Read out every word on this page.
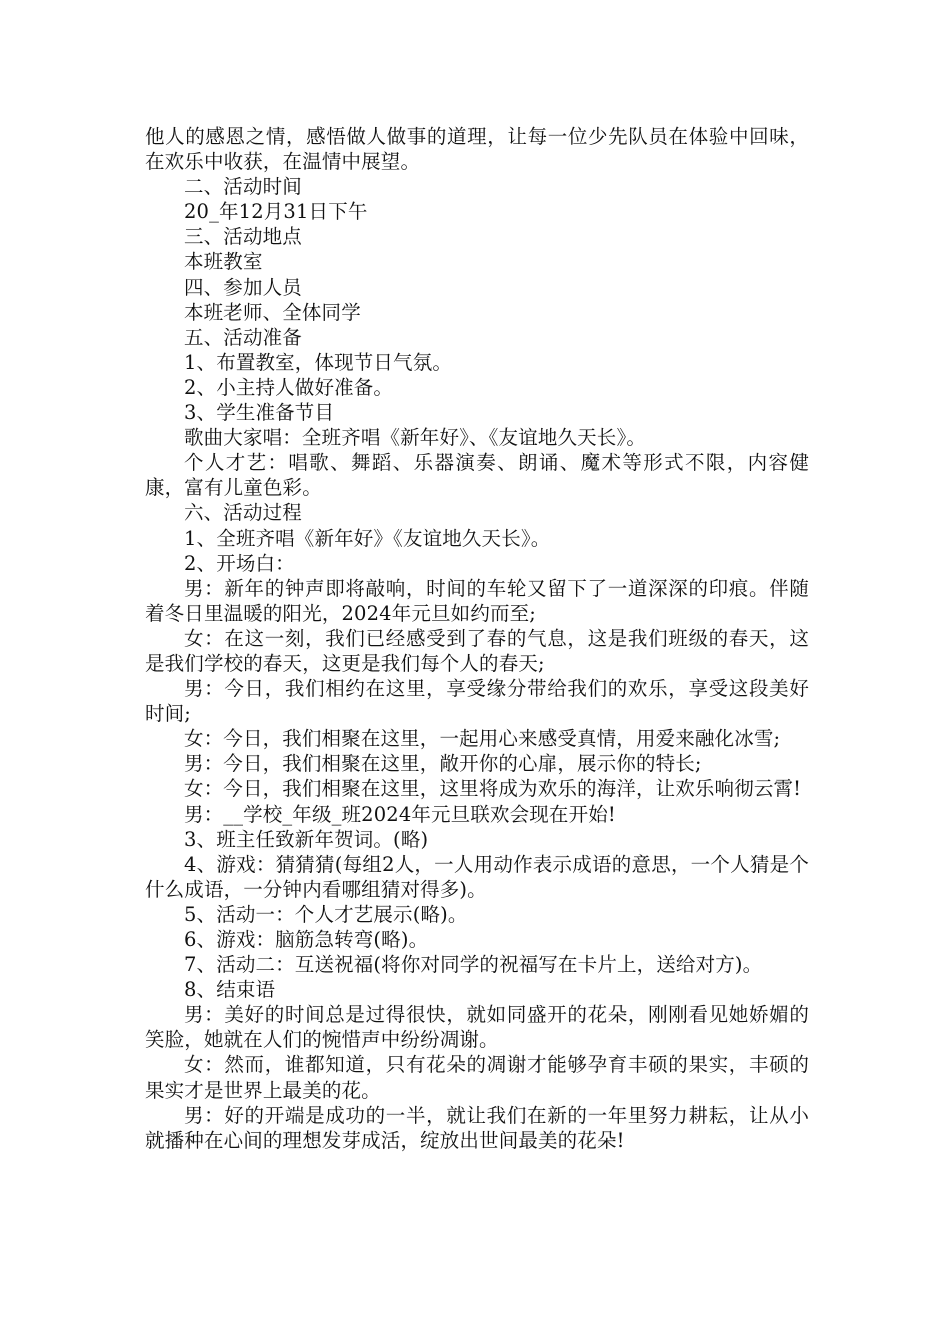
他人的感恩之情，感悟做人做事的道理，让每一位少先队员在体验中回味，在欢乐中收获，在温情中展望。

二、活动时间

20_年12月31日下午

三、活动地点

本班教室

四、参加人员

本班老师、全体同学

五、活动准备

1、布置教室，体现节日气氛。

2、小主持人做好准备。

3、学生准备节目

歌曲大家唱：全班齐唱《新年好》、《友谊地久天长》。

个人才艺：唱歌、舞蹈、乐器演奏、朗诵、魔术等形式不限，内容健康，富有儿童色彩。

六、活动过程

1、全班齐唱《新年好》《友谊地久天长》。

2、开场白：

男：新年的钟声即将敲响，时间的车轮又留下了一道深深的印痕。伴随着冬日里温暖的阳光，2024年元旦如约而至;

女：在这一刻，我们已经感受到了春的气息，这是我们班级的春天，这是我们学校的春天，这更是我们每个人的春天;

男：今日，我们相约在这里，享受缘分带给我们的欢乐，享受这段美好时间;

女：今日，我们相聚在这里，一起用心来感受真情，用爱来融化冰雪;

男：今日，我们相聚在这里，敞开你的心扉，展示你的特长;

女：今日，我们相聚在这里，这里将成为欢乐的海洋，让欢乐响彻云霄!

男：__学校_年级_班2024年元旦联欢会现在开始!

3、班主任致新年贺词。(略)

4、游戏：猜猜猜(每组2人，一人用动作表示成语的意思，一个人猜是个什么成语，一分钟内看哪组猜对得多)。

5、活动一：个人才艺展示(略)。

6、游戏：脑筋急转弯(略)。

7、活动二：互送祝福(将你对同学的祝福写在卡片上，送给对方)。

8、结束语

男：美好的时间总是过得很快，就如同盛开的花朵，刚刚看见她娇媚的笑脸，她就在人们的惋惜声中纷纷凋谢。

女：然而，谁都知道，只有花朵的凋谢才能够孕育丰硕的果实，丰硕的果实才是世界上最美的花。

男：好的开端是成功的一半，就让我们在新的一年里努力耕耘，让从小就播种在心间的理想发芽成活，绽放出世间最美的花朵!
